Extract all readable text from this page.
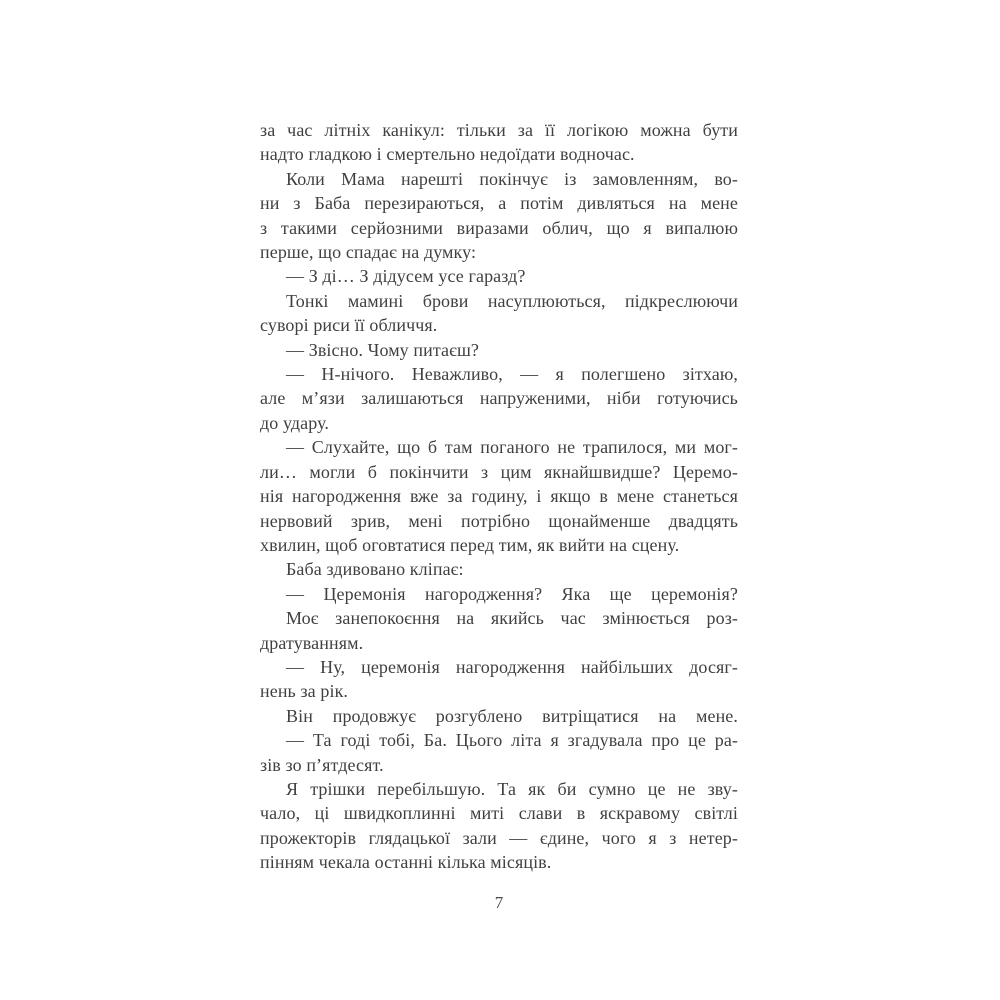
за час літніх канікул: тільки за її логікою можна бути
надто гладкою і смертельно недоїдати водночас.
Коли Мама нарешті покінчує із замовленням, во-
ни з Баба перезираються, а потім дивляться на мене
з такими серйозними виразами облич, що я випалюю
перше, що спадає на думку:
— З ді… З дідусем усе гаразд?
Тонкі мамині брови насуплюються, підкреслюючи
суворі риси її обличчя.
— Звісно. Чому питаєш?
— Н-нічого. Неважливо, — я полегшено зітхаю,
але м’язи залишаються напруженими, ніби готуючись
до удару.
— Слухайте, що б там поганого не трапилося, ми мог-
ли… могли б покінчити з цим якнайшвидше? Церемо-
нія нагородження вже за годину, і якщо в мене станеться
нервовий зрив, мені потрібно щонайменше двадцять
хвилин, щоб оговтатися перед тим, як вийти на сцену.
Баба здивовано кліпає:
— Церемонія нагородження? Яка ще церемонія?
Моє занепокоєння на якийсь час змінюється роз-
дратуванням.
— Ну, церемонія нагородження найбільших досяг-
нень за рік.
Він продовжує розгублено витріщатися на мене.
— Та годі тобі, Ба. Цього літа я згадувала про це ра-
зів зо п’ятдесят.
Я трішки перебільшую. Та як би сумно це не зву-
чало, ці швидкоплинні миті слави в яскравому світлі
прожекторів глядацької зали — єдине, чого я з нетер-
пінням чекала останні кілька місяців.
7
